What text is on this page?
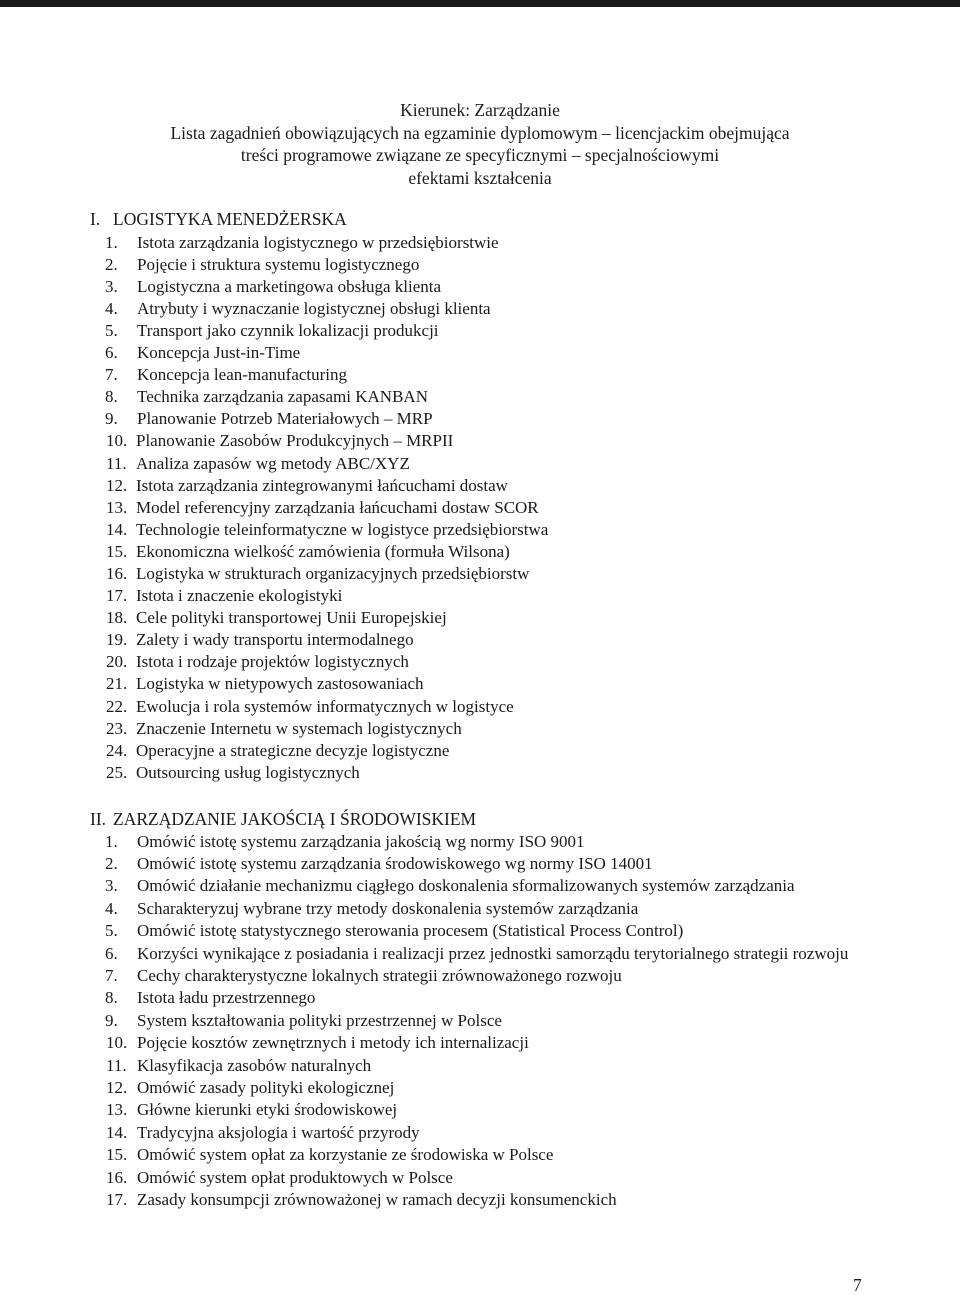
Kierunek: Zarządzanie
Lista zagadnień obowiązujących na egzaminie dyplomowym – licencjackim obejmująca
treści programowe związane ze specyficznymi – specjalnościowymi
efektami kształcenia
I. LOGISTYKA MENEDŻERSKA
1.	Istota zarządzania logistycznego w przedsiębiorstwie
2.	Pojęcie i struktura systemu logistycznego
3.	Logistyczna a marketingowa obsługa klienta
4.	Atrybuty i wyznaczanie logistycznej obsługi klienta
5.	Transport jako czynnik lokalizacji produkcji
6.	Koncepcja Just-in-Time
7.	Koncepcja lean-manufacturing
8.	Technika zarządzania zapasami KANBAN
9.	Planowanie Potrzeb Materiałowych – MRP
10. Planowanie Zasobów Produkcyjnych – MRPII
11. Analiza zapasów wg metody ABC/XYZ
12. Istota zarządzania zintegrowanymi łańcuchami dostaw
13. Model referencyjny zarządzania łańcuchami dostaw SCOR
14. Technologie teleinformatyczne w logistyce przedsiębiorstwa
15. Ekonomiczna wielkość zamówienia (formuła Wilsona)
16. Logistyka w strukturach organizacyjnych przedsiębiorstw
17. Istota i znaczenie ekologistyki
18. Cele polityki transportowej Unii Europejskiej
19. Zalety i wady transportu intermodalnego
20. Istota i rodzaje projektów logistycznych
21. Logistyka w nietypowych zastosowaniach
22. Ewolucja i rola systemów informatycznych w logistyce
23. Znaczenie Internetu w systemach logistycznych
24. Operacyjne a strategiczne decyzje logistyczne
25. Outsourcing usług logistycznych
II. ZARZĄDZANIE JAKOŚCIĄ I ŚRODOWISKIEM
1.	Omówić istotę systemu zarządzania jakością wg normy ISO 9001
2.	Omówić istotę systemu zarządzania środowiskowego wg normy ISO 14001
3.	Omówić działanie mechanizmu ciągłego doskonalenia sformalizowanych systemów zarządzania
4.	Scharakteryzuj wybrane trzy metody doskonalenia systemów zarządzania
5.	Omówić istotę statystycznego sterowania procesem (Statistical Process Control)
6.	Korzyści wynikające z posiadania i realizacji przez jednostki samorządu terytorialnego strategii rozwoju
7.	Cechy charakterystyczne lokalnych strategii zrównoważonego rozwoju
8.	Istota ładu przestrzennego
9.	System kształtowania polityki przestrzennej w Polsce
10. Pojęcie kosztów zewnętrznych i metody ich internalizacji
11. Klasyfikacja zasobów naturalnych
12. Omówić zasady polityki ekologicznej
13. Główne kierunki etyki środowiskowej
14. Tradycyjna aksjologia i wartość przyrody
15. Omówić system opłat za korzystanie ze środowiska w Polsce
16. Omówić system opłat produktowych w Polsce
17. Zasady konsumpcji zrównoważonej w ramach decyzji konsumenckich
7
